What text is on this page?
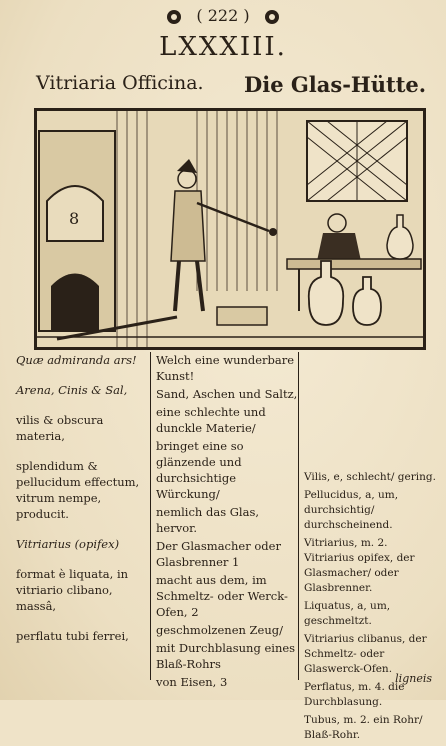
( 222 )
LXXXIII.
Vitriaria Officina. Die Glas-Hütte.
8

Quæ admiranda ars!

Arena, Cinis & Sal,

vilis & obscura materia,

splendidum & pellucidum effectum, vitrum nempe, producit.

Vitriarius (opifex)

format è liquata, in vitriario clibano, massâ,

perflatu tubi ferrei,

Welch eine wunderbare Kunst!

Sand, Aschen und Saltz,

eine schlechte und dunckle Materie/

bringet eine so glänzende und durchsichtige Würckung/

nemlich das Glas, hervor.

Der Glasmacher oder Glasbrenner 1

macht aus dem, im Schmeltz- oder Werck-Ofen, 2

geschmolzenen Zeug/

mit Durchblasung eines Blaß-Rohrs

von Eisen, 3

Vilis, e, schlecht/ gering.

Pellucidus, a, um, durchsichtig/ durchscheinend.

Vitriarius, m. 2. Vitriarius opifex, der Glasmacher/ oder Glasbrenner.

Liquatus, a, um, geschmeltzt.

Vitriarius clibanus, der Schmeltz- oder Glaswerck-Ofen.

Perflatus, m. 4. die Durchblasung.

Tubus, m. 2. ein Rohr/ Blaß-Rohr.

ligneis
